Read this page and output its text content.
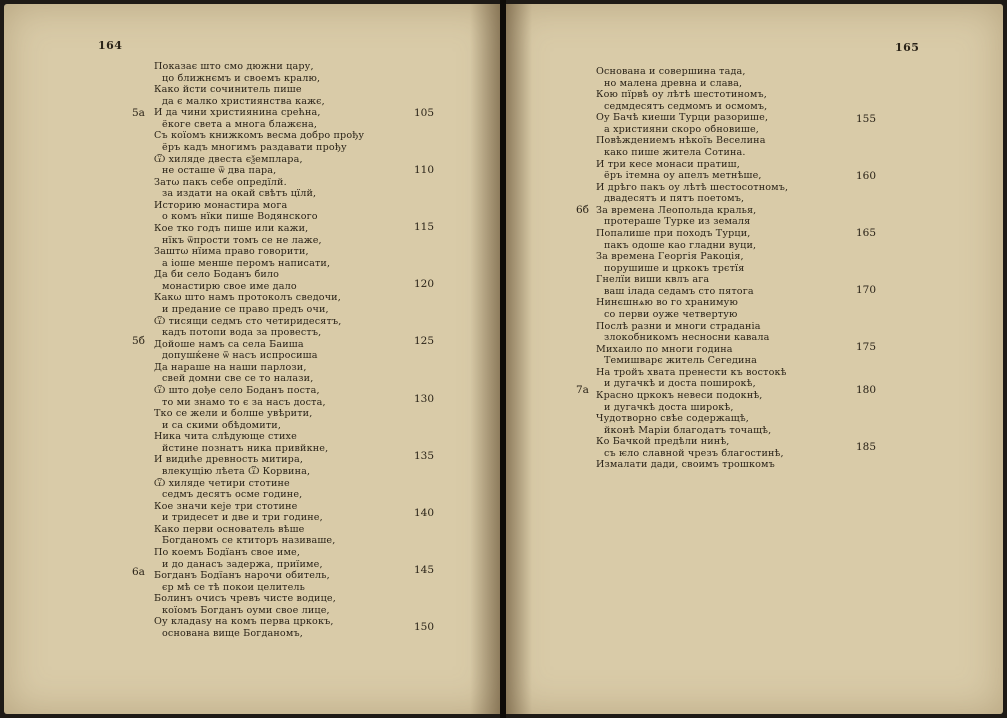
164	165
Показає што смо дюжни цару,
цо ближнємъ и своемъ кралю,
Како йсти сочинитель пише
да є малко християнства кажє,
И да чини християнина срећна,
ёкоге света а многа блажєна,
Съ коїомъ книжкомъ весма добро прођу
ёръ кадъ многимъ раздавати прођу
Ѿ хиляде двеста єѯемплара,
не осташе ѿ два пара,
Затω пакъ себе опредїлй.
за издати на окай свѣтъ цїлй,
Историю монастира мога
о комъ нїки пише Водянского
Кое тко годъ пише или кажи,
нїкъ ѿпрости томъ се не лаже,
Заштω нїима право говорити,
а іоше менше перомъ написати,
Да би село Боданъ било
монастирю свое име дало
Какω што намъ протоколъ сведочи,
и предание се право предъ очи,
Ѿ тисящи седмъ сто четиридесятъ,
кадъ потопи вода за провестъ,
Дойоше намъ са села Баиша
допушќене ѿ насъ испросиша
Да нараше на наши парлози,
свей домни све се то налази,
Ѿ што дође село Боданъ поста,
то ми знамо то є за насъ доста,
Тко се жели и болше увѣрити,
и са скими обѣдомити,
Ника чита слѣдующе стихе
йстине познатъ ника привйкне,
И видиће древность митира,
влекущію лѣета Ѿ Корвина,
Ѿ хиляде четири стотине
седмъ десятъ осме године,
Кое значи кеје три стотине
и тридесет и две и три године,
Како перви основатель вѣше
Богданомъ се ктиторъ називаше,
По коемъ Бодїанъ свое име,
и до данасъ задержа, приїиме,
Богданъ Бодїанъ нарочи обитель,
єр мѣ се тѣ покои целитель
Болинъ очисъ чревъ чисте водице,
коїомъ Богданъ оуми свое лице,
Оу кладаѕу на комъ перва цркокъ,
основана вище Богданомъ,
Основана и совершина тада,
но малена древна и слава,
Кою пїрвѣ оу лѣтѣ шестотиномъ,
седмдесятъ седмомъ и осмомъ,
Оу Бачѣ киеши Турци разорише,
а християни скоро обновише,
Повѣждениемъ нѣкоїъ Веселина
како пише житела Сотина.
И три кесе монаси пратиш,
ёръ ітемна оу апелъ метнѣше,
И дрѣго пакъ оу лѣтѣ шестосотномъ,
двадесятъ и пятъ поетомъ,
За времена Леопольда кралья,
протераше Турке из земаля
Попалише при походъ Турци,
пакъ одоше као гладни вуци,
За времена Георгія Ракоція,
порушише и цркокъ трєтїя
Гнелїи виши квлъ ага
ваш ілада седамъ сто пятога
Нинєшнѧю во го хранимую
со перви оуже четвертую
Послѣ разни и многи страданіа
злокобникомъ несносни кавала
Михаило по многи година
Темишварє житель Сегедина
На тройъ хвата пренести къ востокѣ
и дугачкѣ и доста поширокѣ,
Красно цркокъ невеси подокнѣ,
и дугачкѣ доста широкѣ,
Чудотворно свѣе содержащѣ,
йконѣ Маріи благодатъ точащѣ,
Ко Бачкой предѣли нинѣ,
съ ѥло славной чрезъ благостинѣ,
Измалати дади, своимъ трошкомъ
105
110
115
120
125
130
135
140
145
150
155
160
165
170
175
180
185
5a
5б
6a
6б
7a
